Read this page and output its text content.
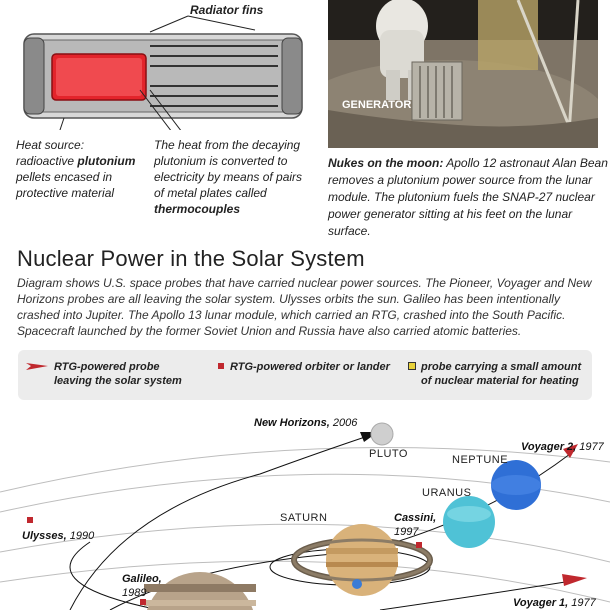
Radiator fins
Heat source: radioactive plutonium pellets encased in protective material
The heat from the decaying plutonium is converted to electricity by means of pairs of metal plates called thermocouples
GENERATOR
Nukes on the moon: Apollo 12 astronaut Alan Bean removes a plutonium power source from the lunar module. The plutonium fuels the SNAP-27 nuclear power generator sitting at his feet on the lunar surface.
Nuclear Power in the Solar System
Diagram shows U.S. space probes that have carried nuclear power sources. The Pioneer, Voyager and New Horizons probes are all leaving the solar system. Ulysses orbits the sun. Galileo has been intentionally crashed into Jupiter. The Apollo 13 lunar module, which carried an RTG, crashed into the South Pacific. Spacecraft launched by the former Soviet Union and Russia have also carried atomic batteries.
RTG-powered probe leaving the solar system
RTG-powered orbiter or lander	probe carrying a small amount of nuclear material for heating
PLUTO	NEPTUNE
URANUS
SATURN
New Horizons, 2006
Voyager 2, 1977
Cassini,
1997
Ulysses, 1990
Galileo,
1989
Voyager 1, 1977
